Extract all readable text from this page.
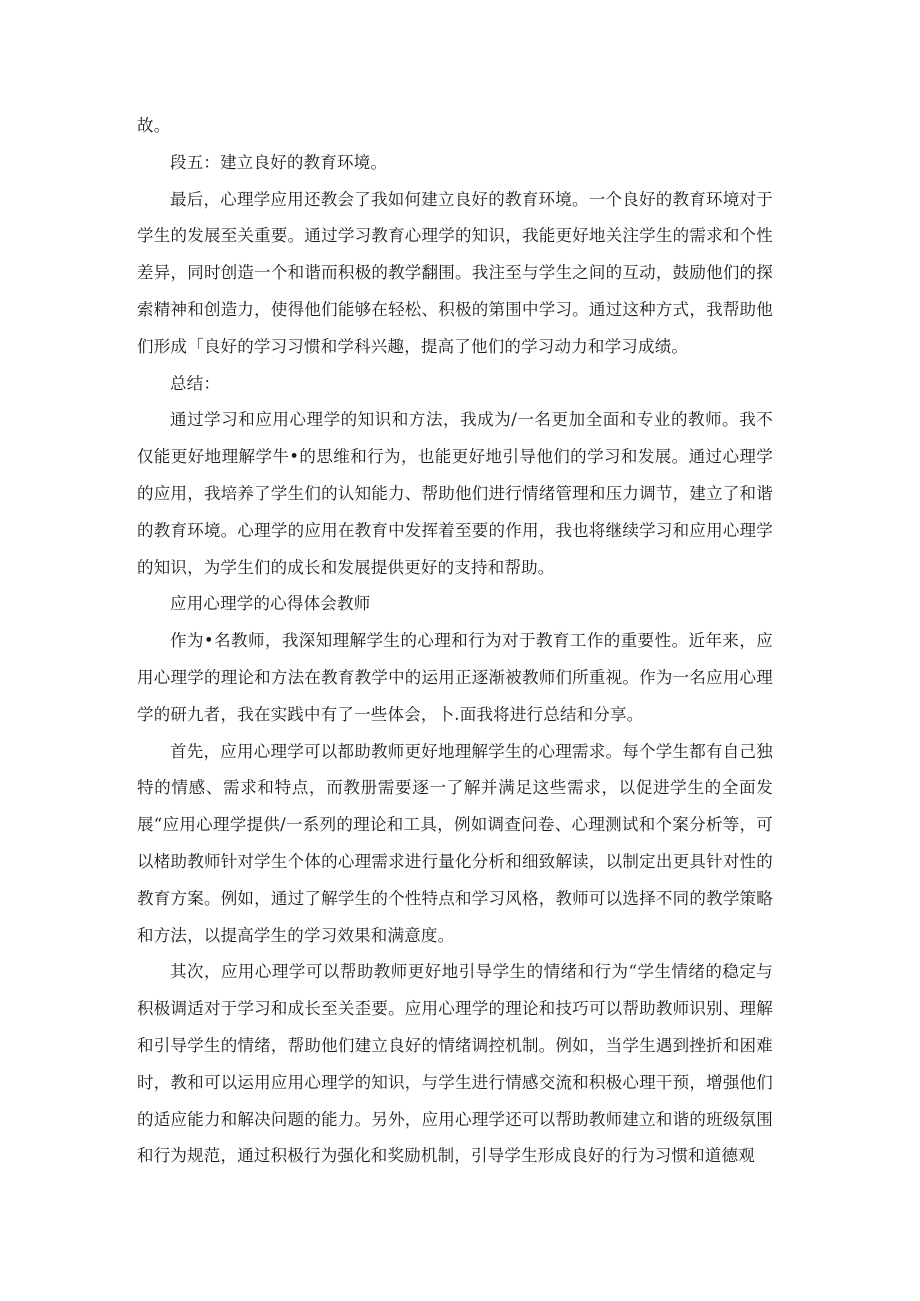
故。

段五：建立良好的教育环境。

最后，心理学应用还教会了我如何建立良好的教育环境。一个良好的教育环境对于学生的发展至关重要。通过学习教育心理学的知识，我能更好地关注学生的需求和个性差异，同时创造一个和谐而积极的教学翻围。我注至与学生之间的互动，鼓励他们的探索精神和创造力，使得他们能够在轻松、积极的第围中学习。通过这种方式，我帮助他们形成「良好的学习习惯和学科兴趣，提高了他们的学习动力和学习成绩。

总结：

通过学习和应用心理学的知识和方法，我成为/一名更加全面和专业的教师。我不仅能更好地理解学牛•的思维和行为，也能更好地引导他们的学习和发展。通过心理学的应用，我培养了学生们的认知能力、帮助他们进行情绪管理和压力调节，建立了和谐的教育环境。心理学的应用在教育中发挥着至要的作用，我也将继续学习和应用心理学的知识，为学生们的成长和发展提供更好的支持和帮助。

应用心理学的心得体会教师

作为•名教师，我深知理解学生的心理和行为对于教育工作的重要性。近年来，应用心理学的理论和方法在教育教学中的运用正逐渐被教师们所重视。作为一名应用心理学的研九者，我在实践中有了一些体会，卜.面我将进行总结和分享。

首先，应用心理学可以都助教师更好地理解学生的心理需求。每个学生都有自己独特的情感、需求和特点，而教册需要逐一了解并满足这些需求，以促进学生的全面发展“应用心理学提供/一系列的理论和工具，例如调查问卷、心理测试和个案分析等，可以楮助教师针对学生个体的心理需求进行量化分析和细致解读，以制定出更具针对性的教育方案。例如，通过了解学生的个性特点和学习风格，教师可以选择不同的教学策略和方法，以提高学生的学习效果和满意度。

其次，应用心理学可以帮助教师更好地引导学生的情绪和行为“学生情绪的稳定与积极调适对于学习和成长至关歪要。应用心理学的理论和技巧可以帮助教师识别、理解和引导学生的情绪，帮助他们建立良好的情绪调控机制。例如，当学生遇到挫折和困难时，教和可以运用应用心理学的知识，与学生进行情感交流和积极心理干预，增强他们的适应能力和解决问题的能力。另外，应用心理学还可以帮助教师建立和谐的班级氛围和行为规范，通过积极行为强化和奖励机制，引导学生形成良好的行为习惯和道德观
